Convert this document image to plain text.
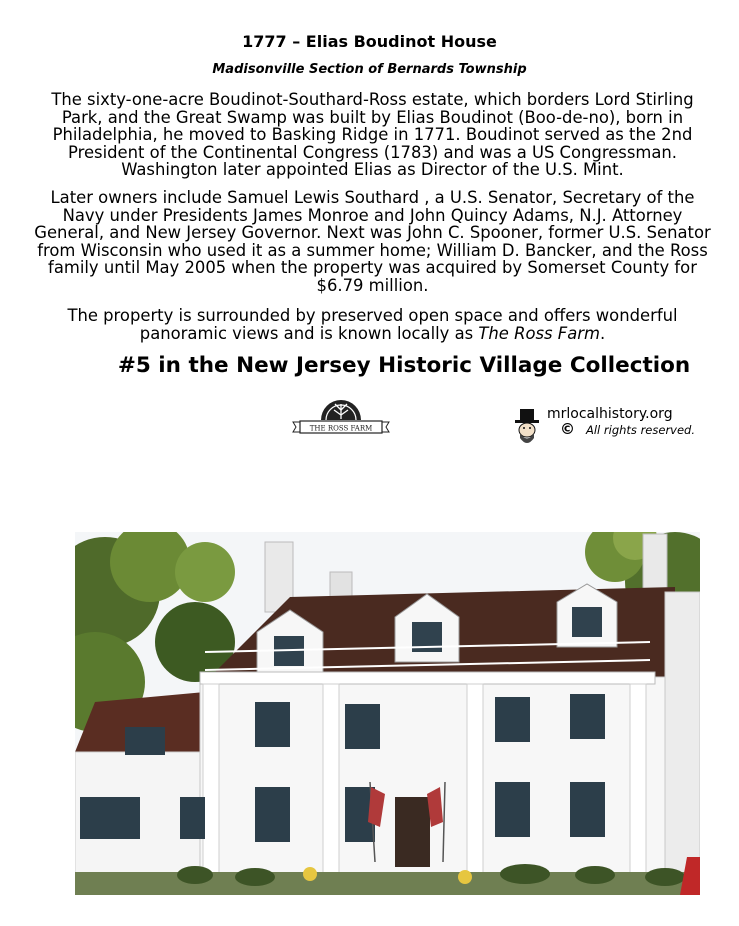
1777 – Elias Boudinot House
Madisonville Section of Bernards Township
The sixty-one-acre Boudinot-Southard-Ross estate, which borders Lord Stirling Park, and the Great Swamp was built by Elias Boudinot (Boo-de-no), born in Philadelphia, he moved to Basking Ridge in 1771. Boudinot served as the 2nd President of the Continental Congress (1783) and was a US Congressman. Washington later appointed Elias as Director of the U.S. Mint.
Later owners include Samuel Lewis Southard , a U.S. Senator, Secretary of the Navy under Presidents James Monroe and John Quincy Adams, N.J. Attorney General, and New Jersey Governor. Next was John C. Spooner, former U.S. Senator from Wisconsin who used it as a summer home; William D. Bancker, and the Ross family until May 2005 when the property was acquired by Somerset County for $6.79 million.
The property is surrounded by preserved open space and offers wonderful panoramic views and is known locally as The Ross Farm.
#5 in the New Jersey Historic Village Collection
THE ROSS FARM
mrlocalhistory.org
© All rights reserved.
